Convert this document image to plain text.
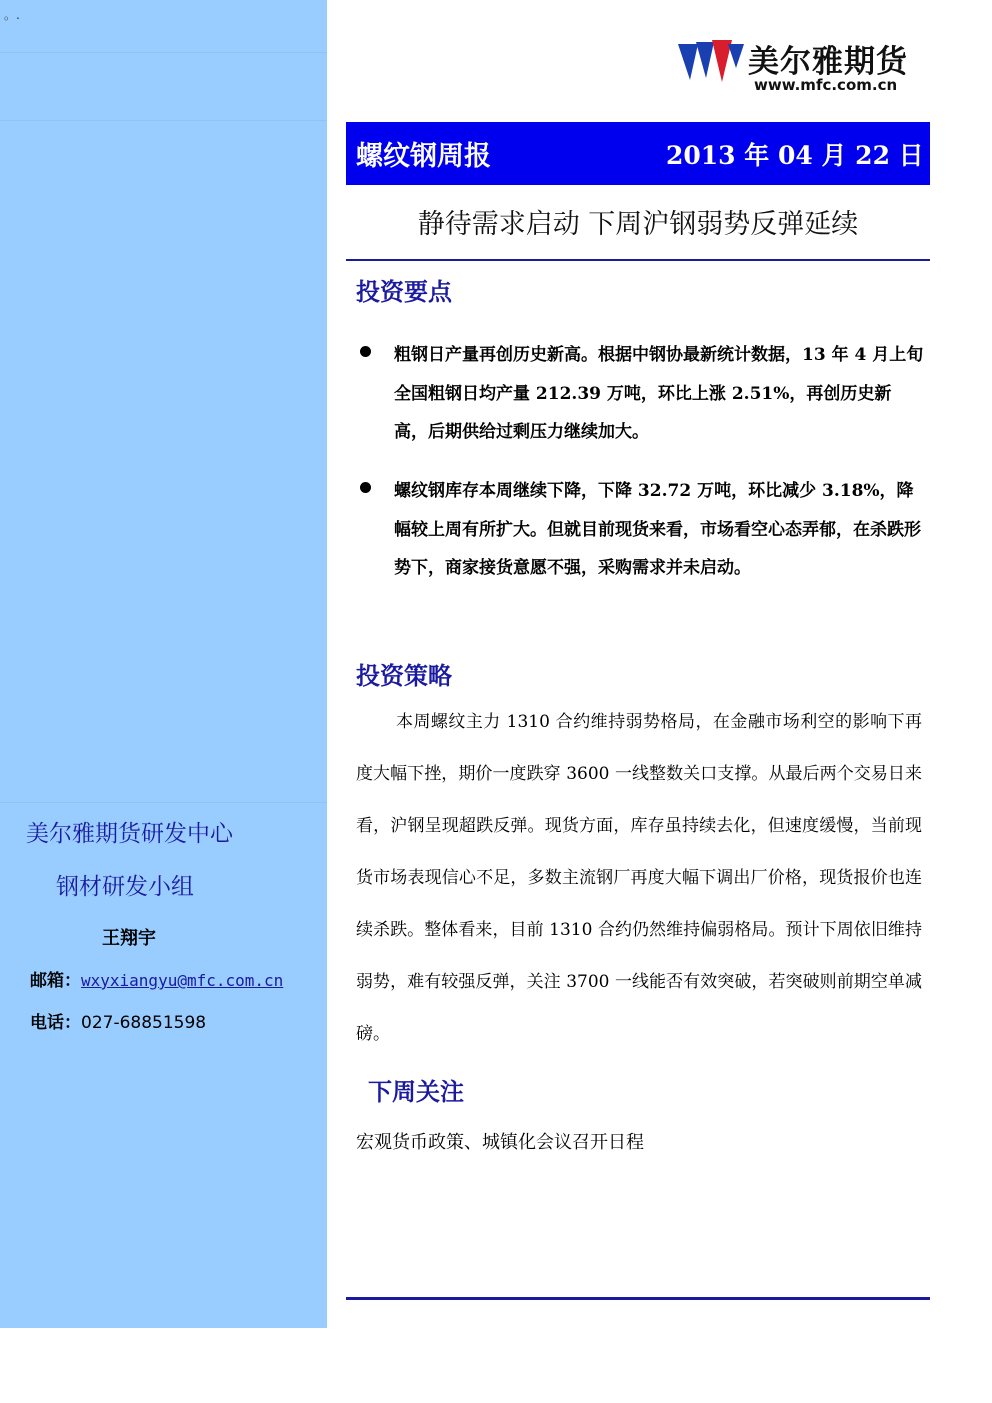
。.
美尔雅期货研发中心
钢材研发小组
王翔宇
邮箱：wxyxiangyu@mfc.com.cn
电话：027-68851598
美尔雅期货
www.mfc.com.cn
螺纹钢周报	2013 年 04 月 22 日
静待需求启动 下周沪钢弱势反弹延续
投资要点
粗钢日产量再创历史新高。根据中钢协最新统计数据，13 年 4 月上旬全国粗钢日均产量 212.39 万吨，环比上涨 2.51%，再创历史新高，后期供给过剩压力继续加大。
螺纹钢库存本周继续下降，下降 32.72 万吨，环比减少 3.18%，降幅较上周有所扩大。但就目前现货来看，市场看空心态弄郁，在杀跌形势下，商家接货意愿不强，采购需求并未启动。
投资策略
本周螺纹主力 1310 合约维持弱势格局，在金融市场利空的影响下再度大幅下挫，期价一度跌穿 3600 一线整数关口支撑。从最后两个交易日来看，沪钢呈现超跌反弹。现货方面，库存虽持续去化，但速度缓慢，当前现货市场表现信心不足，多数主流钢厂再度大幅下调出厂价格，现货报价也连续杀跌。整体看来，目前 1310 合约仍然维持偏弱格局。预计下周依旧维持弱势，难有较强反弹，关注 3700 一线能否有效突破，若突破则前期空单减磅。
下周关注
宏观货币政策、城镇化会议召开日程
